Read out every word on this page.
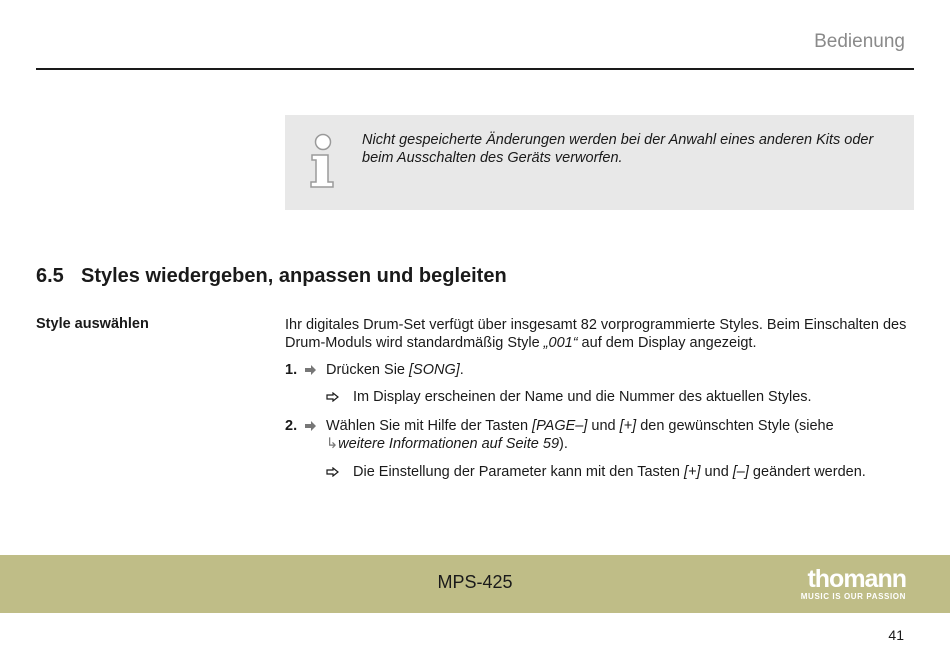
Bedienung
Nicht gespeicherte Änderungen werden bei der Anwahl eines anderen Kits oder beim Ausschalten des Geräts verworfen.
6.5 Styles wiedergeben, anpassen und begleiten
Style auswählen	Ihr digitales Drum-Set verfügt über insgesamt 82 vorprogrammierte Styles. Beim Einschalten des Drum-Moduls wird standardmäßig Style „001“ auf dem Display angezeigt.
1.	Drücken Sie [SONG].
Im Display erscheinen der Name und die Nummer des aktuellen Styles.
2.	Wählen Sie mit Hilfe der Tasten [PAGE–] und [+] den gewünschten Style (siehe
↳weitere Informationen auf Seite 59).
Die Einstellung der Parameter kann mit den Tasten [+] und [–] geändert werden.
MPS-425	thomann
MUSIC IS OUR PASSION
41
